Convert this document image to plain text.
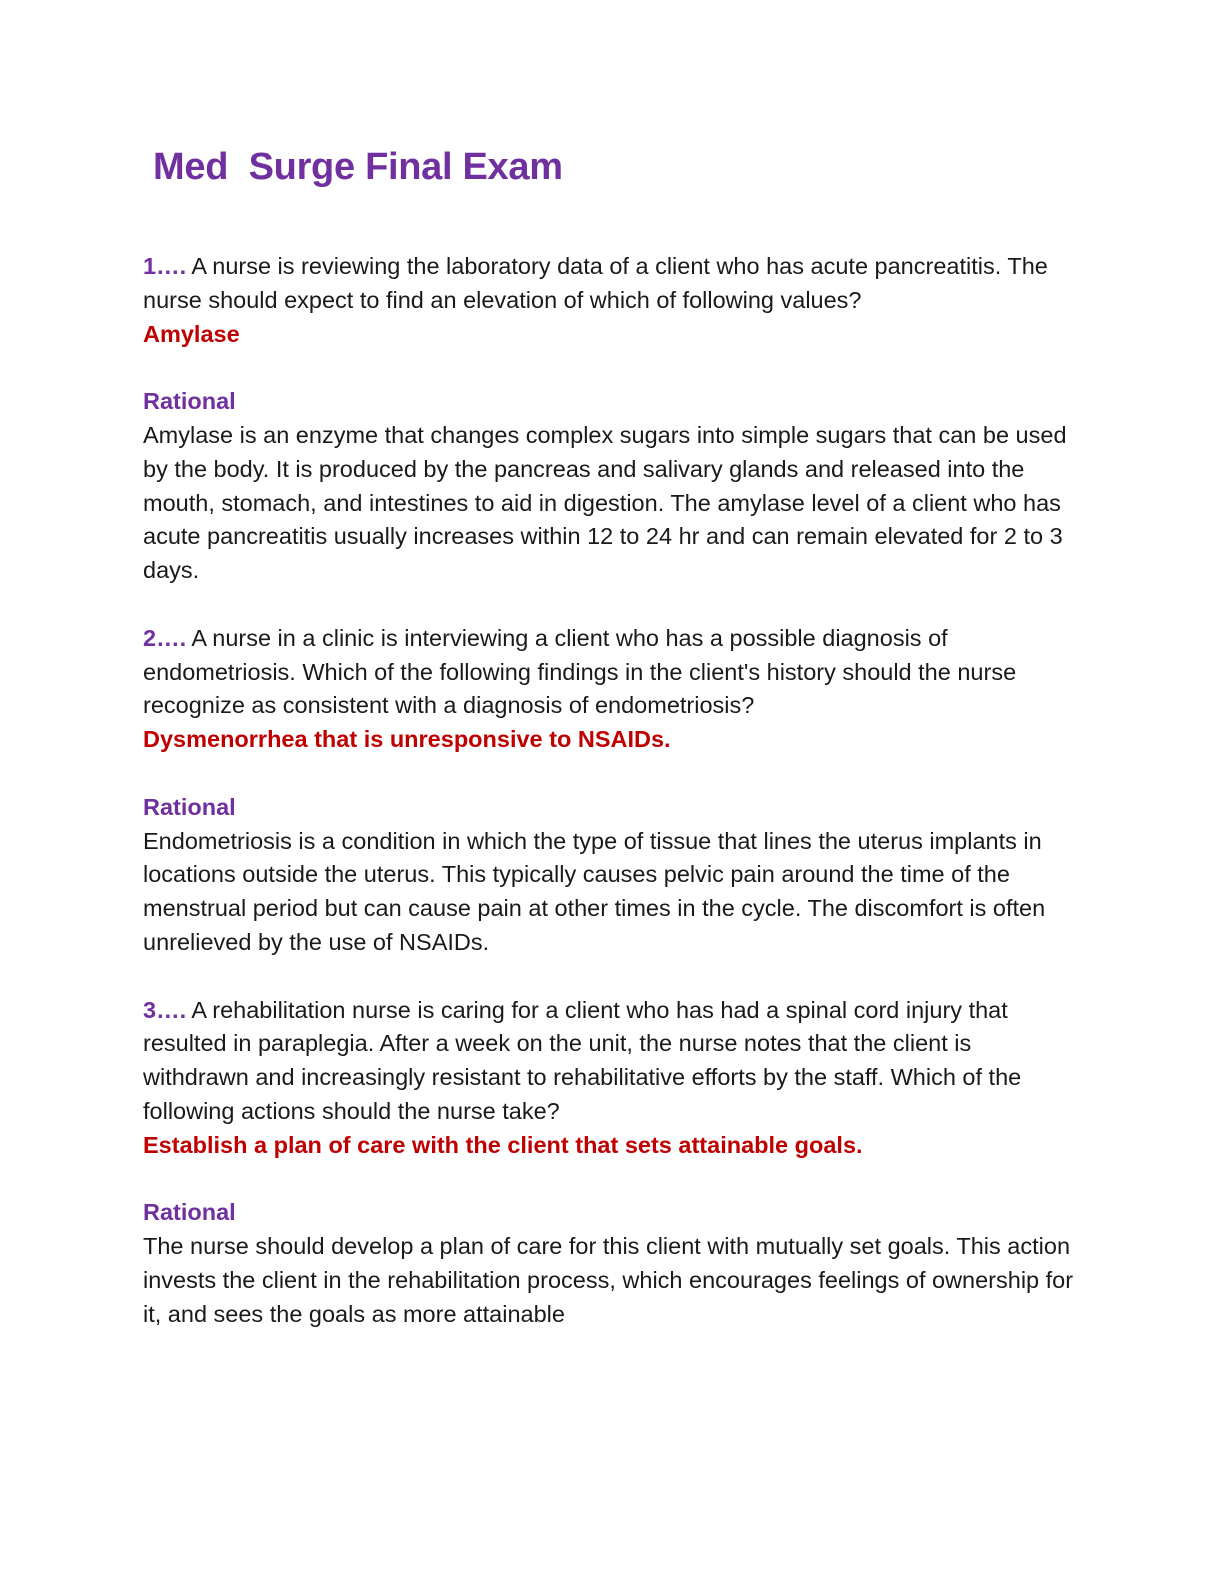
Med  Surge Final Exam

1…. A nurse is reviewing the laboratory data of a client who has acute pancreatitis. The nurse should expect to find an elevation of which of following values?

Amylase

Rational

Amylase is an enzyme that changes complex sugars into simple sugars that can be used by the body. It is produced by the pancreas and salivary glands and released into the mouth, stomach, and intestines to aid in digestion. The amylase level of a client who has acute pancreatitis usually increases within 12 to 24 hr and can remain elevated for 2 to 3 days.

2…. A nurse in a clinic is interviewing a client who has a possible diagnosis of endometriosis. Which of the following findings in the client's history should the nurse recognize as consistent with a diagnosis of endometriosis?

Dysmenorrhea that is unresponsive to NSAIDs.

Rational

Endometriosis is a condition in which the type of tissue that lines the uterus implants in locations outside the uterus. This typically causes pelvic pain around the time of the menstrual period but can cause pain at other times in the cycle. The discomfort is often unrelieved by the use of NSAIDs.

3…. A rehabilitation nurse is caring for a client who has had a spinal cord injury that resulted in paraplegia. After a week on the unit, the nurse notes that the client is withdrawn and increasingly resistant to rehabilitative efforts by the staff. Which of the following actions should the nurse take?

Establish a plan of care with the client that sets attainable goals.

Rational

The nurse should develop a plan of care for this client with mutually set goals. This action invests the client in the rehabilitation process, which encourages feelings of ownership for it, and sees the goals as more attainable
